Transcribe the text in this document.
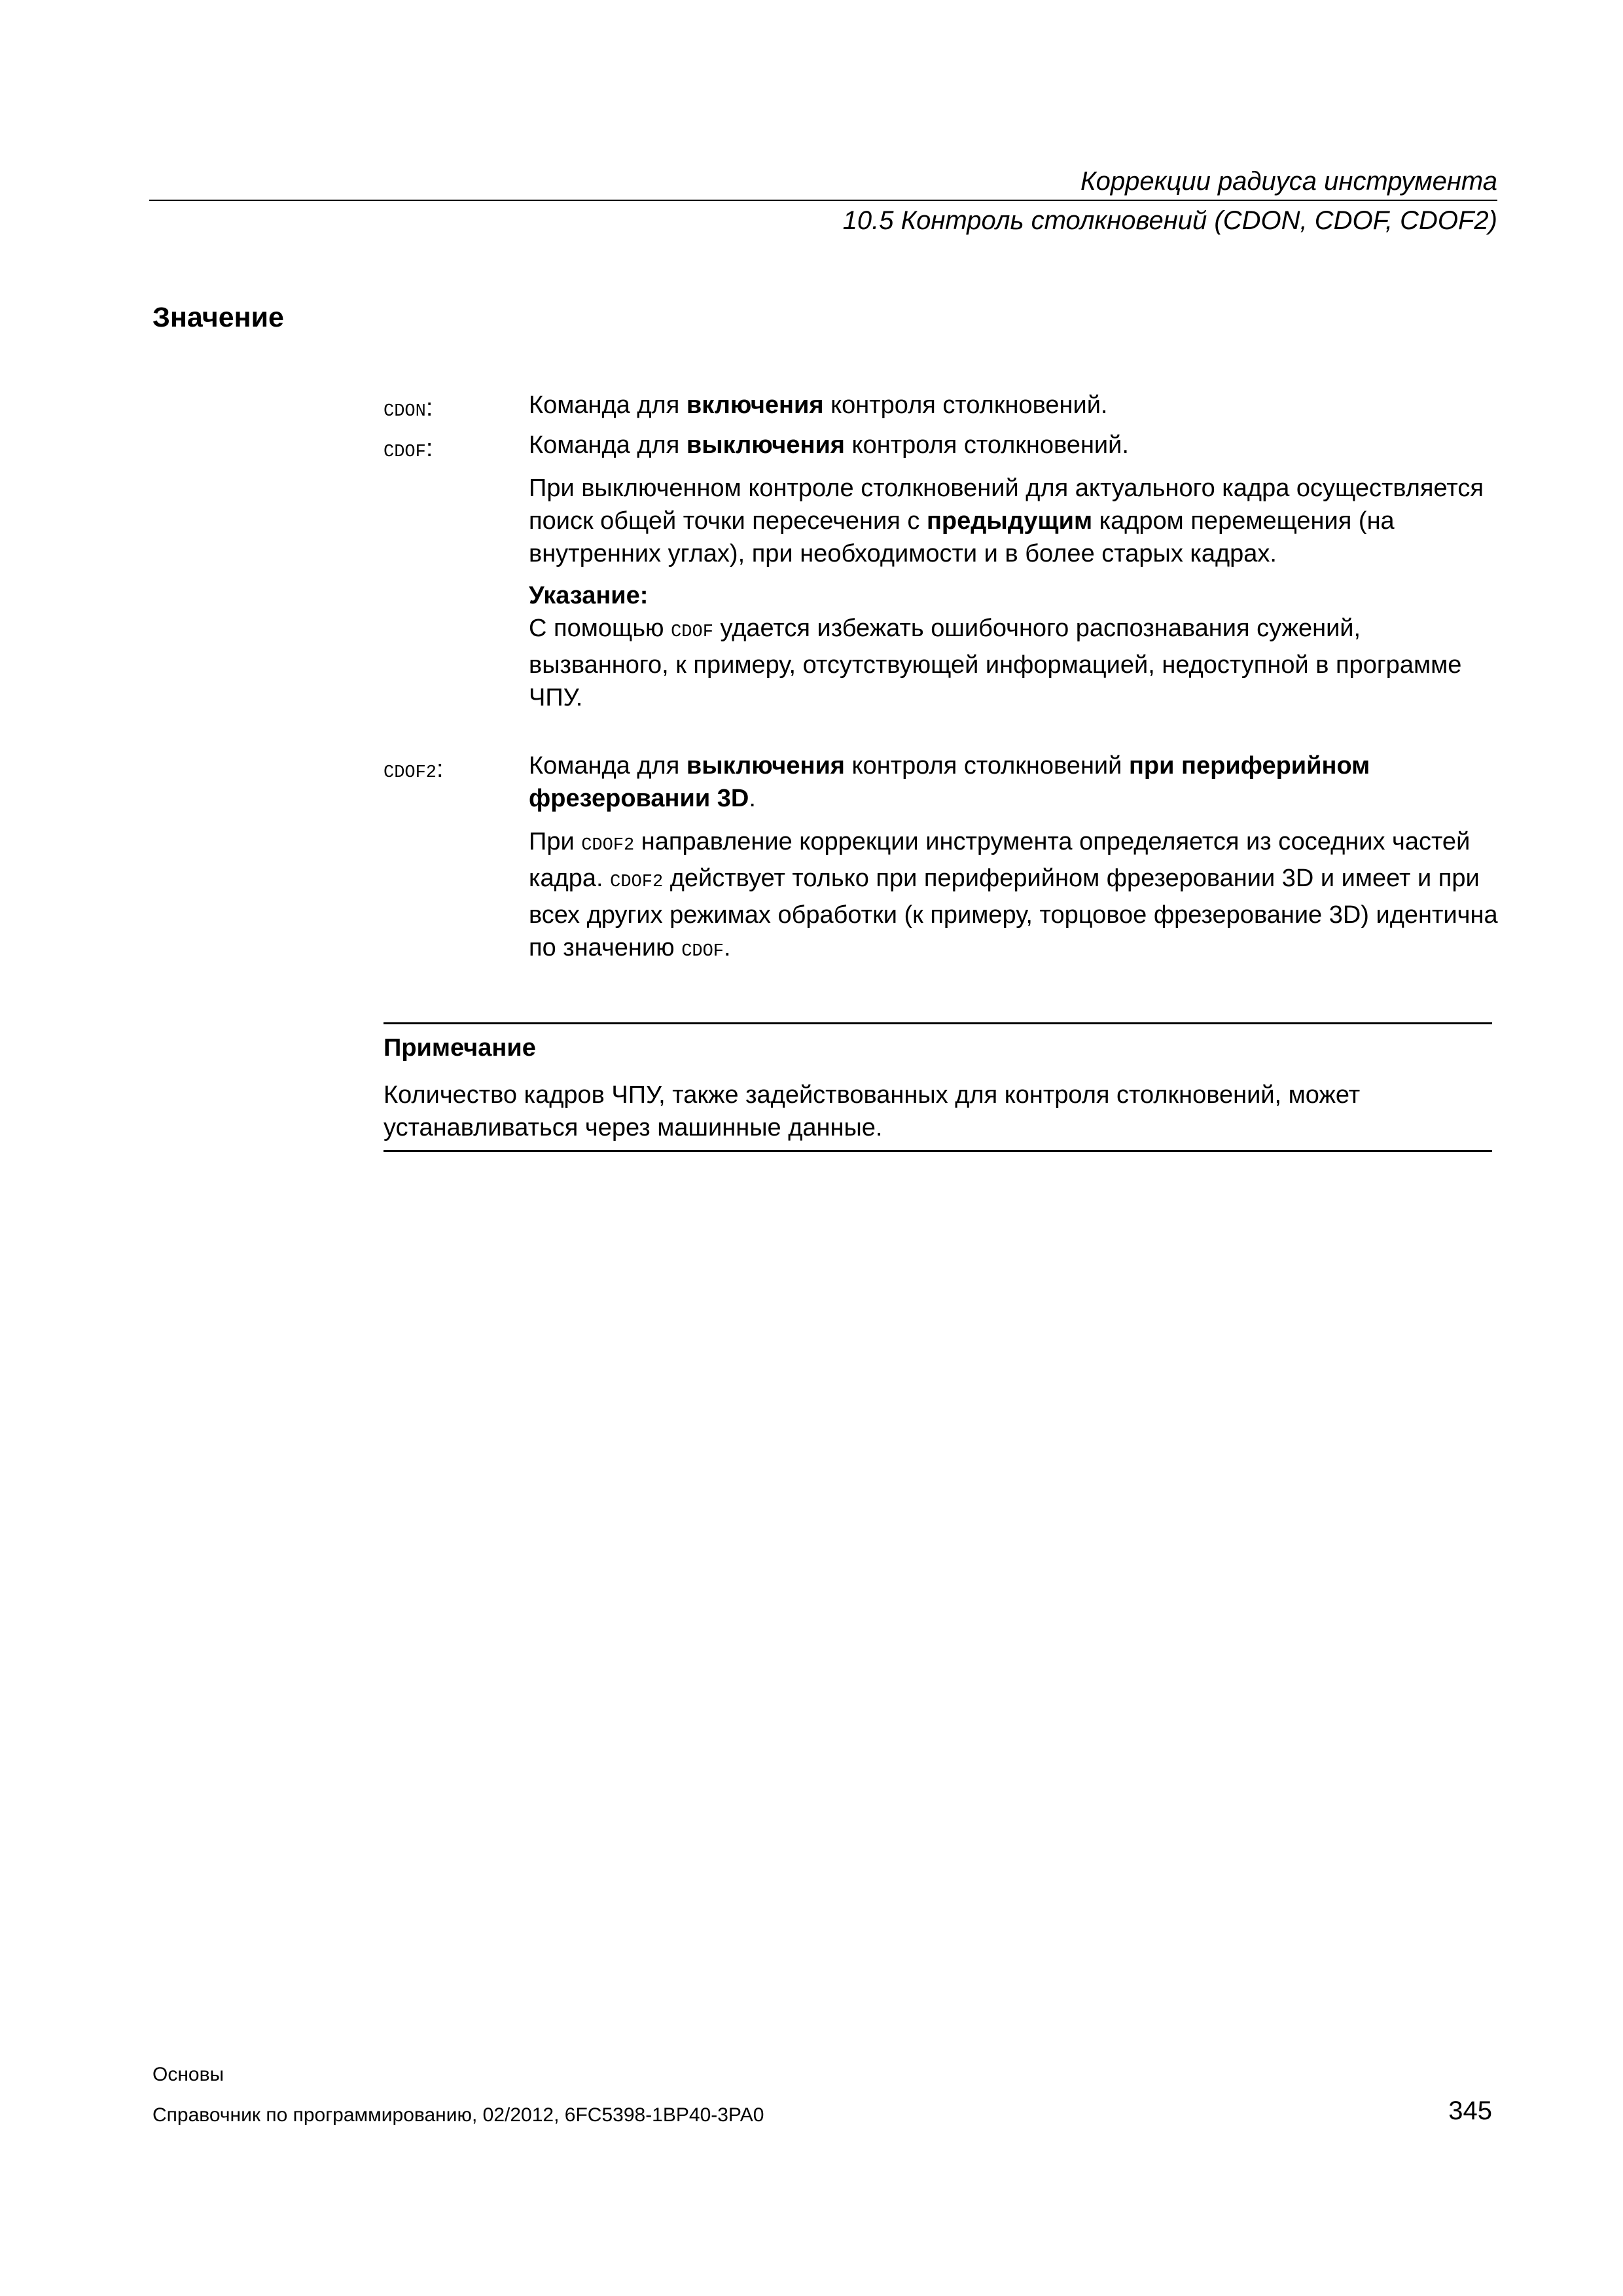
Коррекции радиуса инструмента
10.5 Контроль столкновений (CDON, CDOF, CDOF2)
Значение
CDON:	Команда для включения контроля столкновений.

CDOF:	Команда для выключения контроля столкновений.

При выключенном контроле столкновений для актуального кадра осуществляется поиск общей точки пересечения с предыдущим кадром перемещения (на внутренних углах), при необходимости и в более старых кадрах.

Указание:

С помощью CDOF удается избежать ошибочного распознавания сужений, вызванного, к примеру, отсутствующей информацией, недоступной в программе ЧПУ.

CDOF2:	Команда для выключения контроля столкновений при периферийном фрезеровании 3D.

При CDOF2 направление коррекции инструмента определяется из соседних частей кадра. CDOF2 действует только при периферийном фрезеровании 3D и имеет и при всех других режимах обработки (к примеру, торцовое фрезерование 3D) идентична по значению CDOF.

Примечание
Количество кадров ЧПУ, также задействованных для контроля столкновений, может устанавливаться через машинные данные.
Основы
Справочник по программированию, 02/2012, 6FC5398-1BP40-3PA0	345
